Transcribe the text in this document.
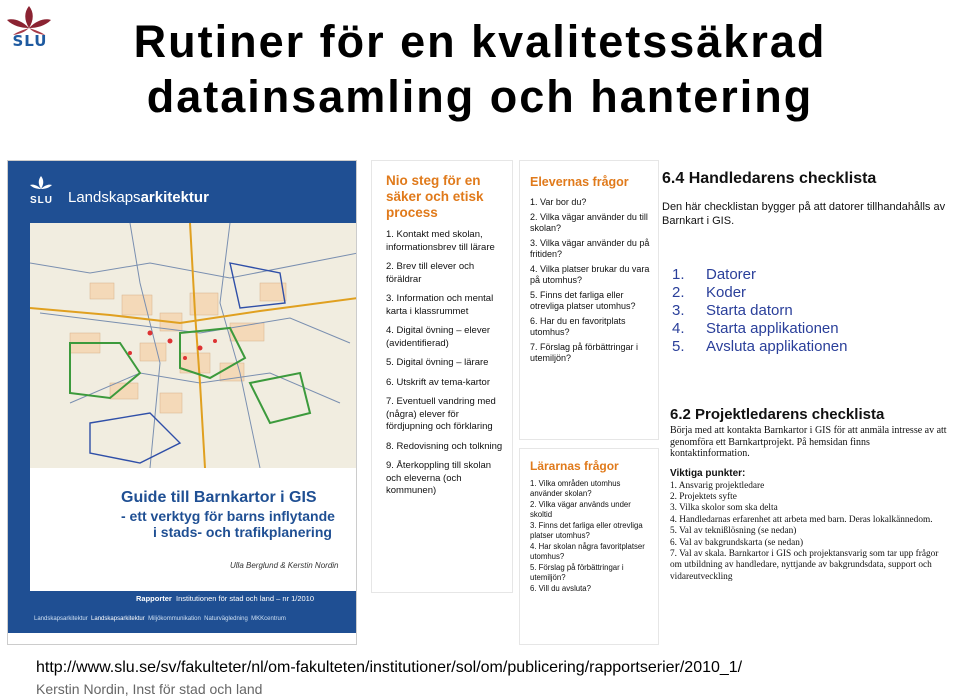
SLU	Rutiner för en kvalitetssäkrad datainsamling och hantering
SLU Landskapsarkitektur
Guide till Barnkartor i GIS
- ett verktyg för barns inflytande
i stads- och trafikplanering
Ulla Berglund & Kerstin Nordin
Rapporter Institutionen för stad och land – nr 1/2010
Landskapsarkitektur Landskapsarkitektur Miljökommunikation Naturvägledning MKKcentrum
Nio steg för en säker och etisk process
1. Kontakt med skolan, informationsbrev till lärare
2. Brev till elever och föräldrar
3. Information och mental karta i klassrummet
4. Digital övning – elever (avidentifierad)
5. Digital övning – lärare
6. Utskrift av tema-kartor
7. Eventuell vandring med (några) elever för fördjupning och förklaring
8. Redovisning och tolkning
9. Återkoppling till skolan och eleverna (och kommunen)
Elevernas frågor
1. Var bor du?
2. Vilka vägar använder du till skolan?
3. Vilka vägar använder du på fritiden?
4. Vilka platser brukar du vara på utomhus?
5. Finns det farliga eller otrevliga platser utomhus?
6. Har du en favoritplats utomhus?
7. Förslag på förbättringar i utemiljön?
Lärarnas frågor
1. Vilka områden utomhus använder skolan?
2. Vilka vägar används under skoltid
3. Finns det farliga eller otrevliga platser utomhus?
4. Har skolan några favoritplatser utomhus?
5. Förslag på förbättringar i utemiljön?
6. Vill du avsluta?
6.4 Handledarens checklista
Den här checklistan bygger på att datorer tillhandahålls av Barnkart i GIS.
1. Datorer
2. Koder
3. Starta datorn
4. Starta applikationen
5. Avsluta applikationen
6.2 Projektledarens checklista
Börja med att kontakta Barnkartor i GIS för att anmäla intresse av att genomföra ett Barnkartprojekt. På hemsidan finns kontaktinformation.
Viktiga punkter:
1. Ansvarig projektledare
2. Projektets syfte
3. Vilka skolor som ska delta
4. Handledarnas erfarenhet att arbeta med barn. Deras lokalkännedom.
5. Val av teknißlösning (se nedan)
6. Val av bakgrundskarta (se nedan)
7. Val av skala. Barnkartor i GIS och projektansvarig som tar upp frågor om utbildning av handledare, nyttjande av bakgrundsdata, support och vidareutveckling
http://www.slu.se/sv/fakulteter/nl/om-fakulteten/institutioner/sol/om/publicering/rapportserier/2010_1/
Kerstin Nordin, Inst för stad och land
